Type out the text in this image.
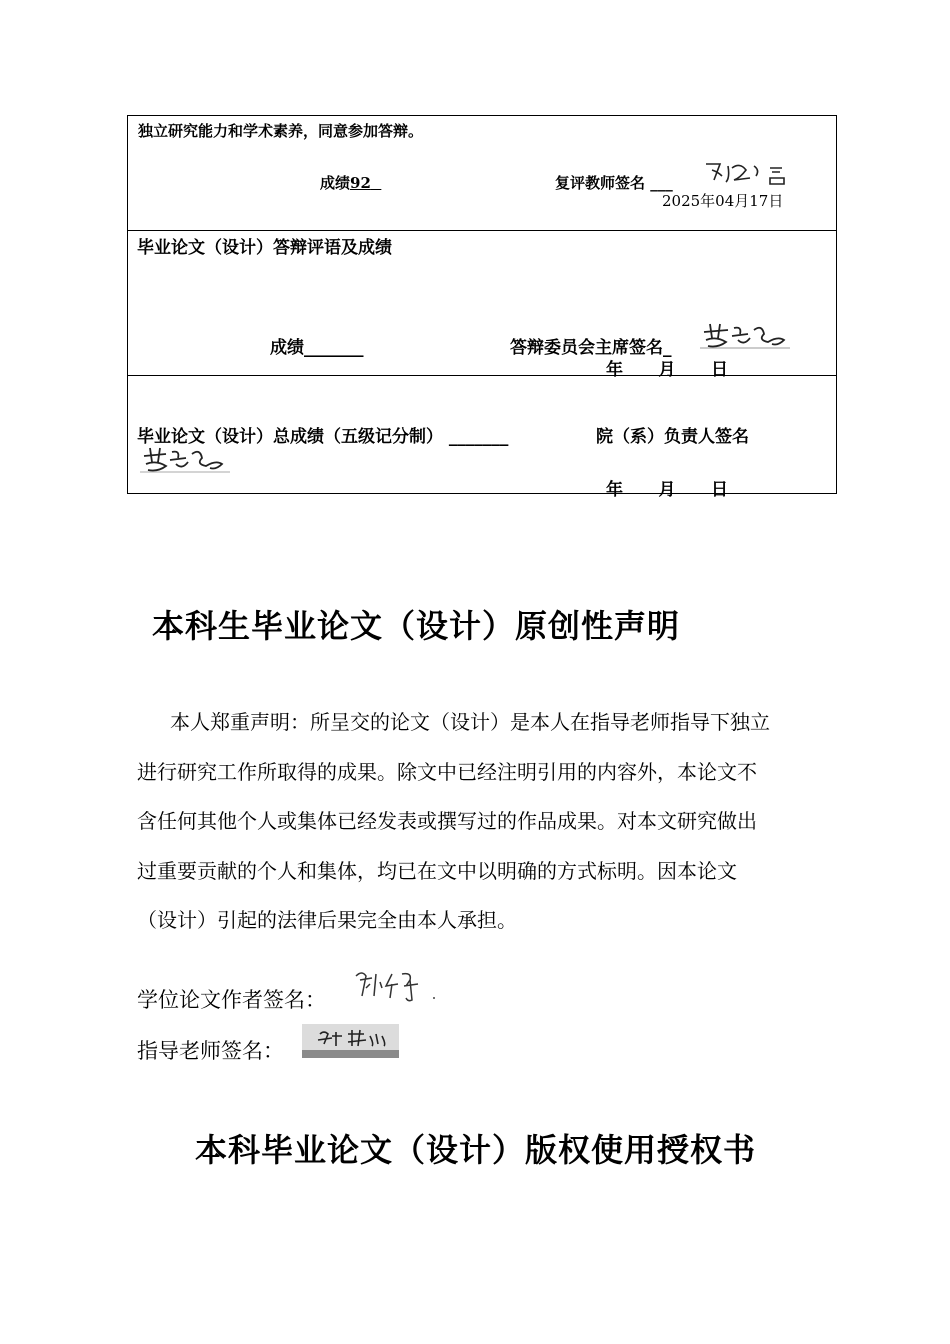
独立研究能力和学术素养，同意参加答辩。
成绩92	复评教师签名 ___
2025年04月17日
毕业论文（设计）答辩评语及成绩
成绩_______	答辩委员会主席签名_
年 月 日
毕业论文（设计）总成绩（五级记分制） _______	院（系）负责人签名
年 月 日
本科生毕业论文（设计）原创性声明
本人郑重声明：所呈交的论文（设计）是本人在指导老师指导下独立
进行研究工作所取得的成果。除文中已经注明引用的内容外，本论文不
含任何其他个人或集体已经发表或撰写过的作品成果。对本文研究做出
过重要贡献的个人和集体，均已在文中以明确的方式标明。因本论文
（设计）引起的法律后果完全由本人承担。
学位论文作者签名：
指导老师签名：
本科毕业论文（设计）版权使用授权书
